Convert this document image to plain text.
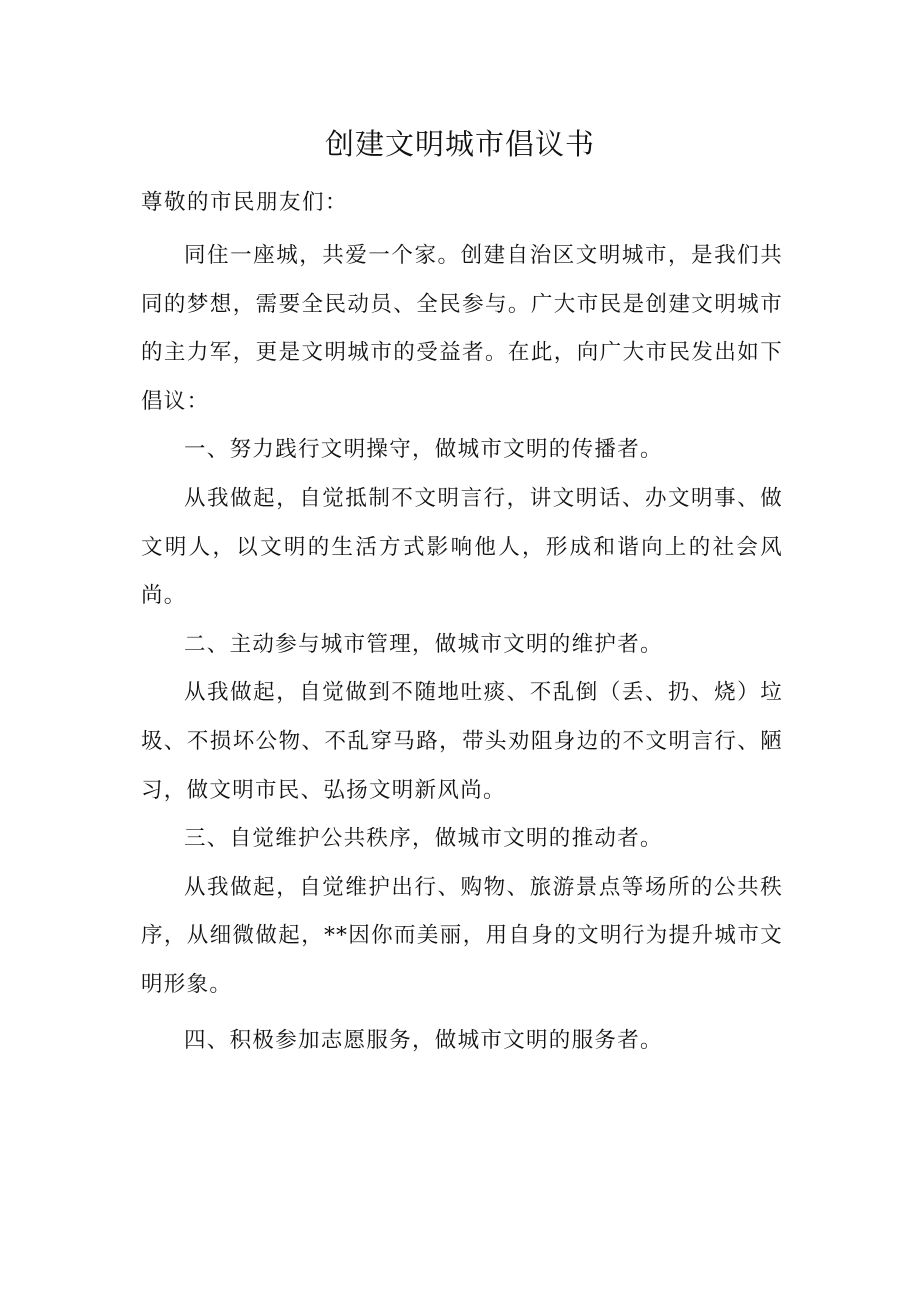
创建文明城市倡议书
尊敬的市民朋友们：

同住一座城，共爱一个家。创建自治区文明城市，是我们共同的梦想，需要全民动员、全民参与。广大市民是创建文明城市的主力军，更是文明城市的受益者。在此，向广大市民发出如下倡议：

一、努力践行文明操守，做城市文明的传播者。

从我做起，自觉抵制不文明言行，讲文明话、办文明事、做文明人，以文明的生活方式影响他人，形成和谐向上的社会风尚。

二、主动参与城市管理，做城市文明的维护者。

从我做起，自觉做到不随地吐痰、不乱倒（丢、扔、烧）垃圾、不损坏公物、不乱穿马路，带头劝阻身边的不文明言行、陋习，做文明市民、弘扬文明新风尚。

三、自觉维护公共秩序，做城市文明的推动者。

从我做起，自觉维护出行、购物、旅游景点等场所的公共秩序，从细微做起，**因你而美丽，用自身的文明行为提升城市文明形象。

四、积极参加志愿服务，做城市文明的服务者。
